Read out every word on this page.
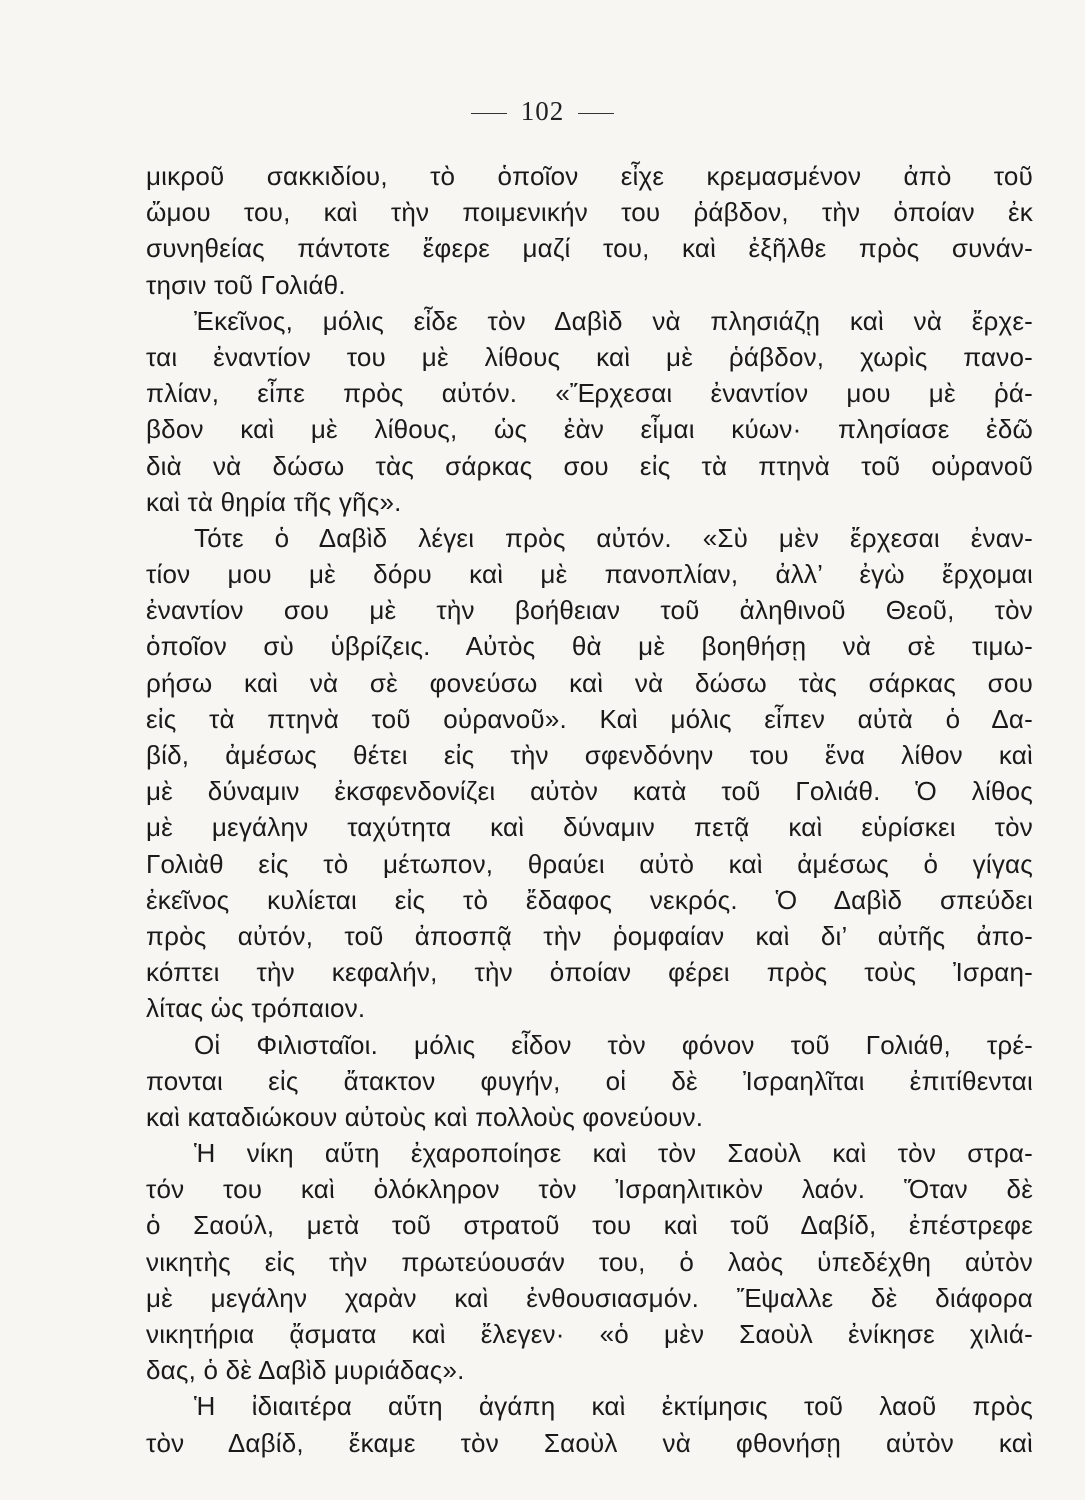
102
μικροῦ σακκιδίου, τὸ ὁποῖον εἶχε κρεμασμένον ἀπὸ τοῦ
ὤμου του, καὶ τὴν ποιμενικήν του ῥάβδον, τὴν ὁποίαν ἐκ
συνηθείας πάντοτε ἔφερε μαζί του, καὶ ἐξῆλθε πρὸς συνάν-
τησιν τοῦ Γολιάθ.
Ἐκεῖνος, μόλις εἶδε τὸν Δαβὶδ νὰ πλησιάζῃ καὶ νὰ ἔρχε-
ται ἐναντίον του μὲ λίθους καὶ μὲ ῥάβδον, χωρὶς πανο-
πλίαν, εἶπε πρὸς αὐτόν. «Ἔρχεσαι ἐναντίον μου μὲ ῥά-
βδον καὶ μὲ λίθους, ὡς ἐὰν εἶμαι κύων· πλησίασε ἐδῶ
διὰ νὰ δώσω τὰς σάρκας σου εἰς τὰ πτηνὰ τοῦ οὐρανοῦ
καὶ τὰ θηρία τῆς γῆς».
Τότε ὁ Δαβὶδ λέγει πρὸς αὐτόν. «Σὺ μὲν ἔρχεσαι ἐναν-
τίον μου μὲ δόρυ καὶ μὲ πανοπλίαν, ἀλλ’ ἐγὼ ἔρχομαι
ἐναντίον σου μὲ τὴν βοήθειαν τοῦ ἀληθινοῦ Θεοῦ, τὸν
ὁποῖον σὺ ὑβρίζεις. Αὐτὸς θὰ μὲ βοηθήσῃ νὰ σὲ τιμω-
ρήσω καὶ νὰ σὲ φονεύσω καὶ νὰ δώσω τὰς σάρκας σου
εἰς τὰ πτηνὰ τοῦ οὐρανοῦ». Καὶ μόλις εἶπεν αὐτὰ ὁ Δα-
βίδ, ἀμέσως θέτει εἰς τὴν σφενδόνην του ἕνα λίθον καὶ
μὲ δύναμιν ἐκσφενδονίζει αὐτὸν κατὰ τοῦ Γολιάθ. Ὁ λίθος
μὲ μεγάλην ταχύτητα καὶ δύναμιν πετᾷ καὶ εὑρίσκει τὸν
Γολιὰθ εἰς τὸ μέτωπον, θραύει αὐτὸ καὶ ἀμέσως ὁ γίγας
ἐκεῖνος κυλίεται εἰς τὸ ἔδαφος νεκρός. Ὁ Δαβὶδ σπεύδει
πρὸς αὐτόν, τοῦ ἀποσπᾷ τὴν ῥομφαίαν καὶ δι’ αὐτῆς ἀπο-
κόπτει τὴν κεφαλήν, τὴν ὁποίαν φέρει πρὸς τοὺς Ἰσραη-
λίτας ὡς τρόπαιον.
Οἱ Φιλισταῖοι. μόλις εἶδον τὸν φόνον τοῦ Γολιάθ, τρέ-
πονται εἰς ἄτακτον φυγήν, οἱ δὲ Ἰσραηλῖται ἐπιτίθενται
καὶ καταδιώκουν αὐτοὺς καὶ πολλοὺς φονεύουν.
Ἡ νίκη αὕτη ἐχαροποίησε καὶ τὸν Σαοὺλ καὶ τὸν στρα-
τόν του καὶ ὁλόκληρον τὸν Ἰσραηλιτικὸν λαόν. Ὅταν δὲ
ὁ Σαούλ, μετὰ τοῦ στρατοῦ του καὶ τοῦ Δαβίδ, ἐπέστρεφε
νικητὴς εἰς τὴν πρωτεύουσάν του, ὁ λαὸς ὑπεδέχθη αὐτὸν
μὲ μεγάλην χαρὰν καὶ ἐνθουσιασμόν. Ἔψαλλε δὲ διάφορα
νικητήρια ᾄσματα καὶ ἔλεγεν· «ὁ μὲν Σαοὺλ ἐνίκησε χιλιά-
δας, ὁ δὲ Δαβὶδ μυριάδας».
Ἡ ἰδιαιτέρα αὕτη ἀγάπη καὶ ἐκτίμησις τοῦ λαοῦ πρὸς
τὸν Δαβίδ, ἔκαμε τὸν Σαοὺλ νὰ φθονήσῃ αὐτὸν καὶ
